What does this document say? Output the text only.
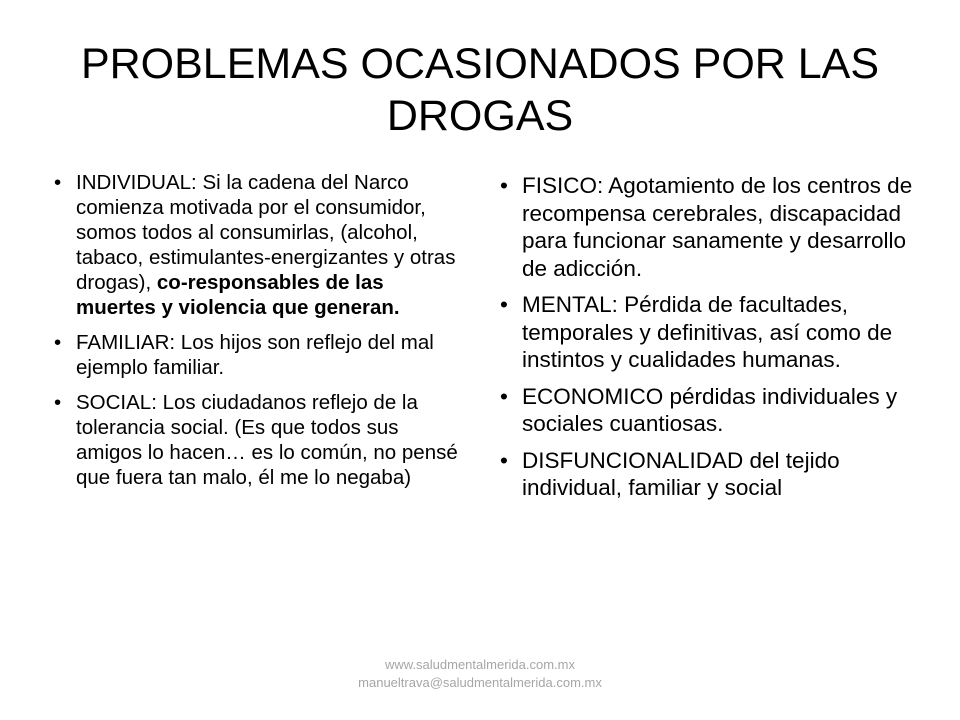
PROBLEMAS OCASIONADOS POR LAS DROGAS
• INDIVIDUAL: Si la cadena del Narco comienza motivada por el consumidor, somos todos al consumirlas, (alcohol, tabaco, estimulantes-energizantes y otras drogas), co-responsables de las muertes y violencia que generan.
• FAMILIAR: Los hijos son reflejo del mal ejemplo familiar.
• SOCIAL: Los ciudadanos reflejo de la tolerancia social. (Es que todos sus amigos lo hacen… es lo común, no pensé que fuera tan malo, él me lo negaba)
• FISICO: Agotamiento de los centros de recompensa cerebrales, discapacidad para funcionar sanamente y desarrollo de adicción.
• MENTAL: Pérdida de facultades, temporales y definitivas, así como de instintos y cualidades humanas.
• ECONOMICO pérdidas individuales y sociales cuantiosas.
• DISFUNCIONALIDAD del tejido individual, familiar y social
www.saludmentalmerida.com.mx

manueltrava@saludmentalmerida.com.mx
